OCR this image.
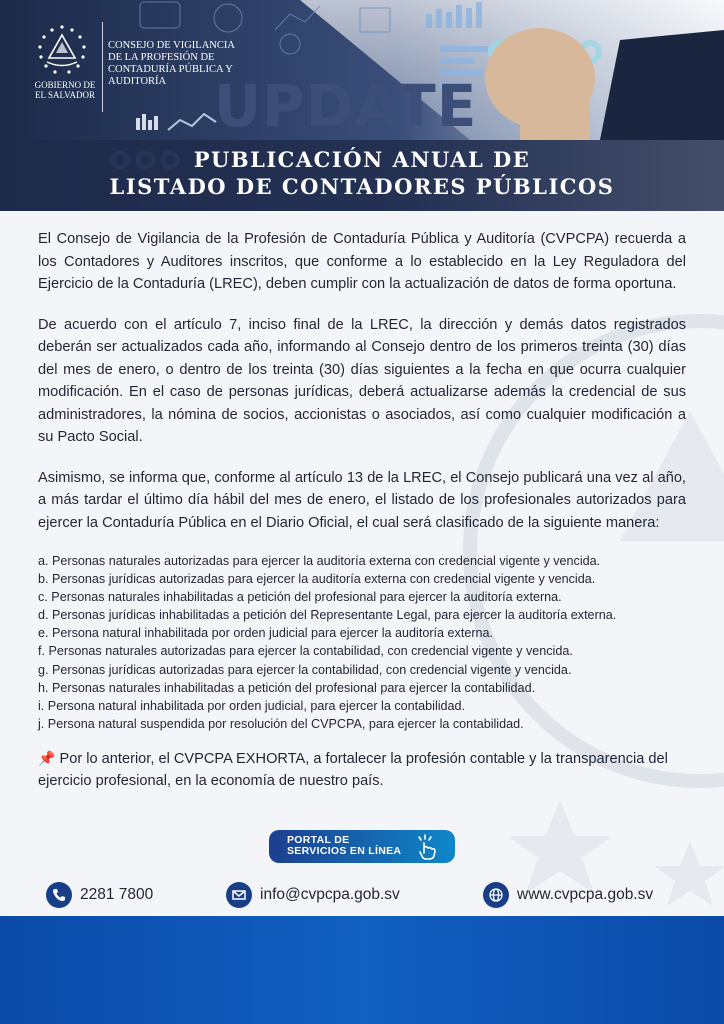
GOBIERNO DE EL SALVADOR
CONSEJO DE VIGILANCIA DE LA PROFESIÓN DE CONTADURÍA PÚBLICA Y AUDITORÍA UPDATE
PUBLICACIÓN ANUAL DE
LISTADO DE CONTADORES PÚBLICOS

El Consejo de Vigilancia de la Profesión de Contaduría Pública y Auditoría (CVPCPA) recuerda a los Contadores y Auditores inscritos, que conforme a lo establecido en la Ley Reguladora del Ejercicio de la Contaduría (LREC), deben cumplir con la actualización de datos de forma oportuna.

De acuerdo con el artículo 7, inciso final de la LREC, la dirección y demás datos registrados deberán ser actualizados cada año, informando al Consejo dentro de los primeros treinta (30) días del mes de enero, o dentro de los treinta (30) días siguientes a la fecha en que ocurra cualquier modificación. En el caso de personas jurídicas, deberá actualizarse además la credencial de sus administradores, la nómina de socios, accionistas o asociados, así como cualquier modificación a su Pacto Social.

Asimismo, se informa que, conforme al artículo 13 de la LREC, el Consejo publicará una vez al año, a más tardar el último día hábil del mes de enero, el listado de los profesionales autorizados para ejercer la Contaduría Pública en el Diario Oficial, el cual será clasificado de la siguiente manera:

a. Personas naturales autorizadas para ejercer la auditoría externa con credencial vigente y vencida.
b. Personas jurídicas autorizadas para ejercer la auditoría externa con credencial vigente y vencida.
c. Personas naturales inhabilitadas a petición del profesional para ejercer la auditoría externa.
d. Personas jurídicas inhabilitadas a petición del Representante Legal, para ejercer la auditoría externa.
e. Persona natural inhabilitada por orden judicial para ejercer la auditoría externa.
f. Personas naturales autorizadas para ejercer la contabilidad, con credencial vigente y vencida.
g. Personas jurídicas autorizadas para ejercer la contabilidad, con credencial vigente y vencida.
h. Personas naturales inhabilitadas a petición del profesional para ejercer la contabilidad.
i. Persona natural inhabilitada por orden judicial, para ejercer la contabilidad.
j. Persona natural suspendida por resolución del CVPCPA, para ejercer la contabilidad.

📌 Por lo anterior, el CVPCPA EXHORTA, a fortalecer la profesión contable y la transparencia del ejercicio profesional, en la economía de nuestro país.

PORTAL DE
SERVICIOS EN LÍNEA
2281 7800	info@cvpcpa.gob.sv	www.cvpcpa.gob.sv
